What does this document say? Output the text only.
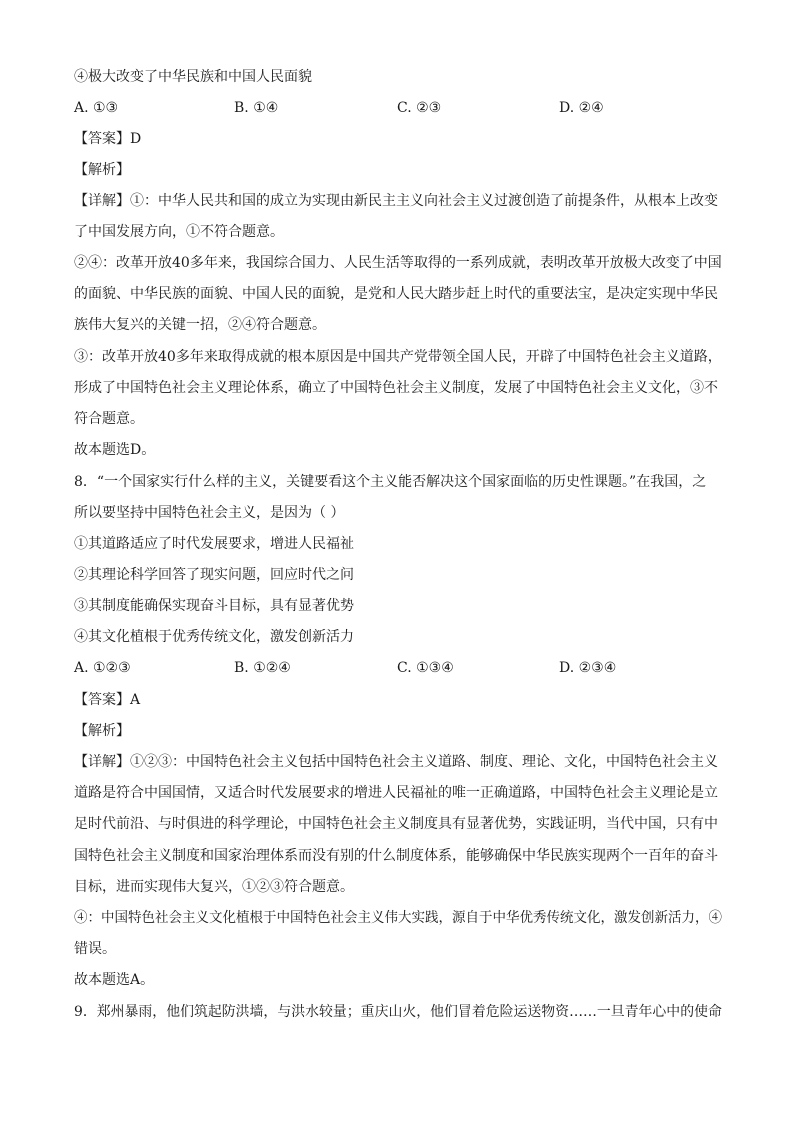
④极大改变了中华民族和中国人民面貌
A. ①③	B. ①④	C. ②③	D. ②④
【答案】D
【解析】
【详解】①：中华人民共和国的成立为实现由新民主主义向社会主义过渡创造了前提条件，从根本上改变
了中国发展方向，①不符合题意。
②④：改革开放40多年来，我国综合国力、人民生活等取得的一系列成就，表明改革开放极大改变了中国
的面貌、中华民族的面貌、中国人民的面貌，是党和人民大踏步赶上时代的重要法宝，是决定实现中华民
族伟大复兴的关键一招，②④符合题意。
③：改革开放40多年来取得成就的根本原因是中国共产党带领全国人民，开辟了中国特色社会主义道路，
形成了中国特色社会主义理论体系，确立了中国特色社会主义制度，发展了中国特色社会主义文化，③不
符合题意。
故本题选D。
8．“一个国家实行什么样的主义，关键要看这个主义能否解决这个国家面临的历史性课题。”在我国，之
所以要坚持中国特色社会主义，是因为（ ）
①其道路适应了时代发展要求，增进人民福祉
②其理论科学回答了现实问题，回应时代之问
③其制度能确保实现奋斗目标，具有显著优势
④其文化植根于优秀传统文化，激发创新活力
A. ①②③	B. ①②④	C. ①③④	D. ②③④
【答案】A
【解析】
【详解】①②③：中国特色社会主义包括中国特色社会主义道路、制度、理论、文化，中国特色社会主义
道路是符合中国国情，又适合时代发展要求的增进人民福祉的唯一正确道路，中国特色社会主义理论是立
足时代前沿、与时俱进的科学理论，中国特色社会主义制度具有显著优势，实践证明，当代中国，只有中
国特色社会主义制度和国家治理体系而没有别的什么制度体系，能够确保中华民族实现两个一百年的奋斗
目标，进而实现伟大复兴，①②③符合题意。
④：中国特色社会主义文化植根于中国特色社会主义伟大实践，源自于中华优秀传统文化，激发创新活力，④
错误。
故本题选A。
9．郑州暴雨，他们筑起防洪墙，与洪水较量；重庆山火，他们冒着危险运送物资……一旦青年心中的使命
